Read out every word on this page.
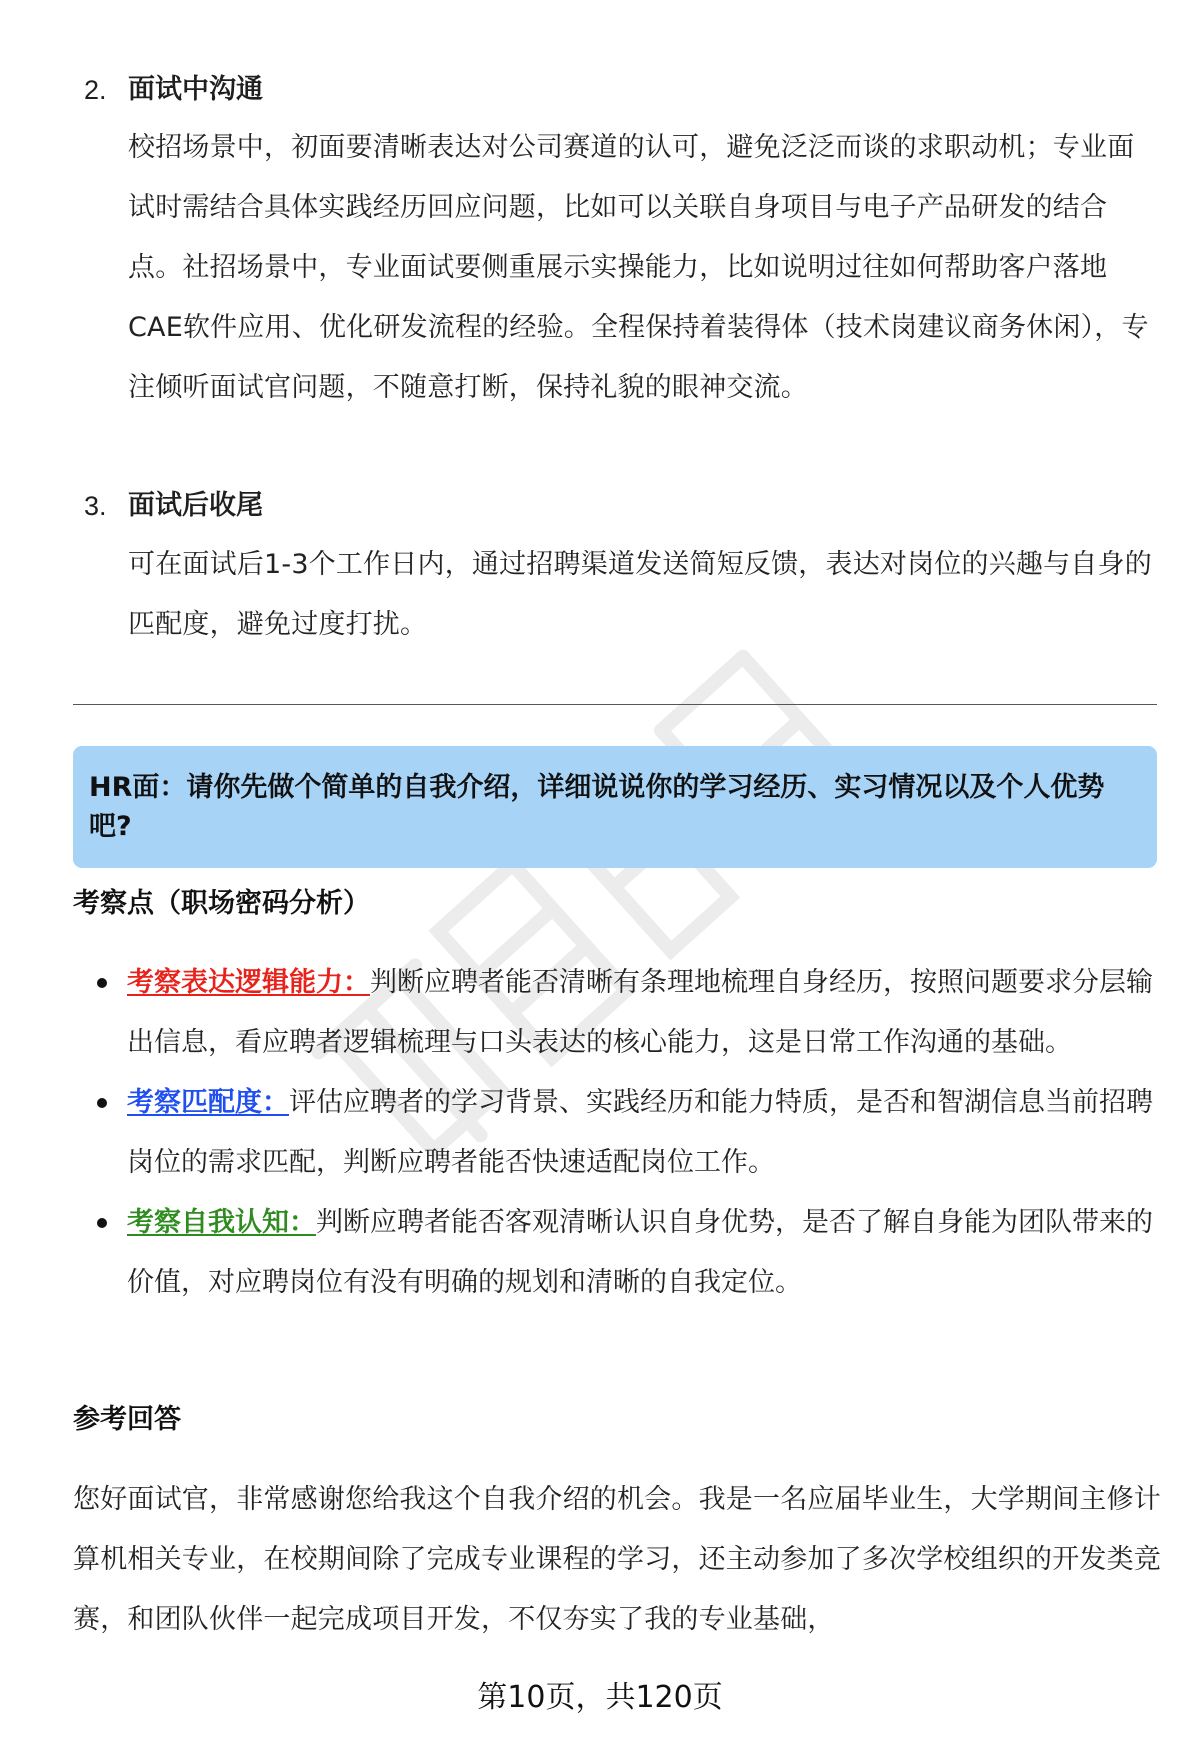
2. 面试中沟通
校招场景中，初面要清晰表达对公司赛道的认可，避免泛泛而谈的求职动机；专业面试时需结合具体实践经历回应问题，比如可以关联自身项目与电子产品研发的结合点。社招场景中，专业面试要侧重展示实操能力，比如说明过往如何帮助客户落地CAE软件应用、优化研发流程的经验。全程保持着装得体（技术岗建议商务休闲），专注倾听面试官问题，不随意打断，保持礼貌的眼神交流。
3. 面试后收尾
可在面试后1-3个工作日内，通过招聘渠道发送简短反馈，表达对岗位的兴趣与自身的匹配度，避免过度打扰。
HR面：请你先做个简单的自我介绍，详细说说你的学习经历、实习情况以及个人优势吧?
考察点（职场密码分析）
考察表达逻辑能力：判断应聘者能否清晰有条理地梳理自身经历，按照问题要求分层输出信息，看应聘者逻辑梳理与口头表达的核心能力，这是日常工作沟通的基础。
考察匹配度：评估应聘者的学习背景、实践经历和能力特质，是否和智湖信息当前招聘岗位的需求匹配，判断应聘者能否快速适配岗位工作。
考察自我认知：判断应聘者能否客观清晰认识自身优势，是否了解自身能为团队带来的价值，对应聘岗位有没有明确的规划和清晰的自我定位。
参考回答
您好面试官，非常感谢您给我这个自我介绍的机会。我是一名应届毕业生，大学期间主修计算机相关专业，在校期间除了完成专业课程的学习，还主动参加了多次学校组织的开发类竞赛，和团队伙伴一起完成项目开发，不仅夯实了我的专业基础，
第10页，共120页
